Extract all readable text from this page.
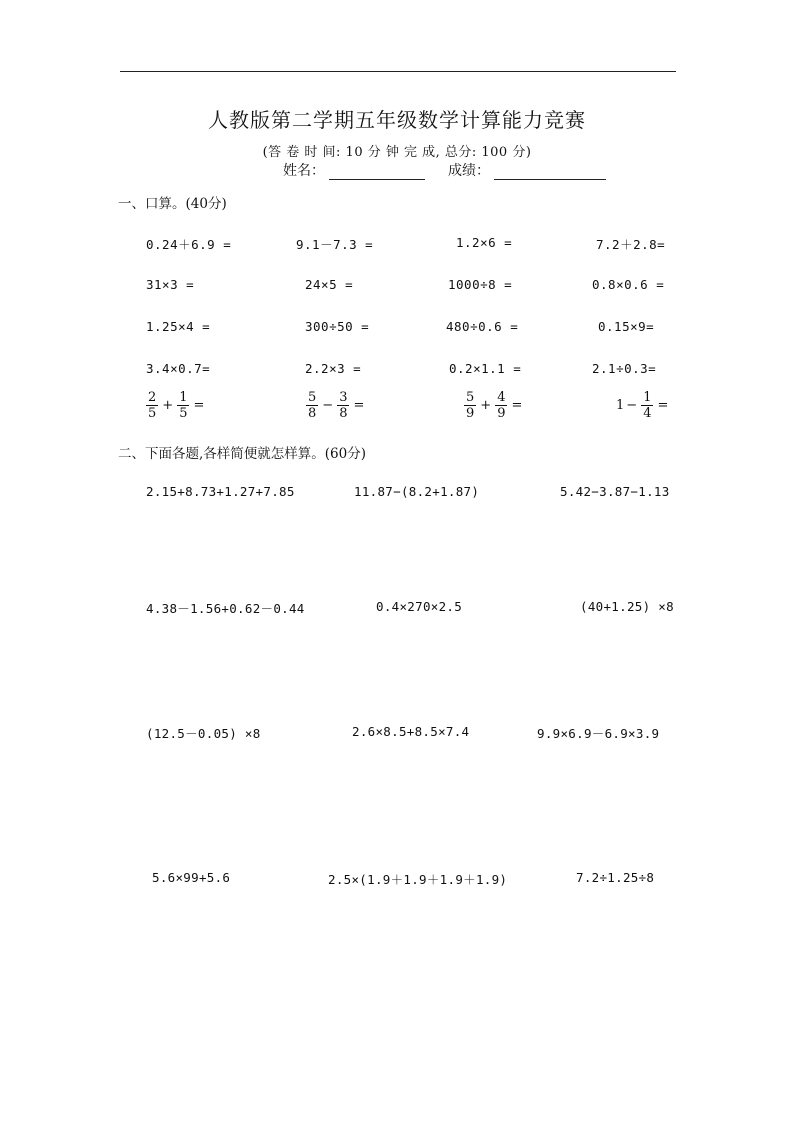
人教版第二学期五年级数学计算能力竞赛
(答 卷 时 间: 10 分 钟 完 成, 总分: 100 分)
姓名：	成绩：
一、口算。(40分)
0.24＋6.9 =	9.1－7.3 =	1.2×6 =	7.2＋2.8=
31×3 =	24×5 =	1000÷8 =	0.8×0.6 =
1.25×4 =	300÷50 =	480÷0.6 =	0.15×9=
3.4×0.7=	2.2×3 =	0.2×1.1 =	2.1÷0.3=
$\frac{2}{5} + \frac{1}{5}$ =	$\frac{5}{8} - \frac{3}{8}$ =	$\frac{5}{9} + \frac{4}{9}$ =	$1 - \frac{1}{4}$ =
二、下面各题,各样简便就怎样算。(60分)
2.15+8.73+1.27+7.85	11.87−(8.2+1.87)	5.42−3.87−1.13
4.38－1.56+0.62－0.44	0.4×270×2.5	(40+1.25) ×8
(12.5－0.05) ×8	2.6×8.5+8.5×7.4	9.9×6.9－6.9×3.9
5.6×99+5.6	2.5×(1.9＋1.9＋1.9＋1.9)	7.2÷1.25÷8
